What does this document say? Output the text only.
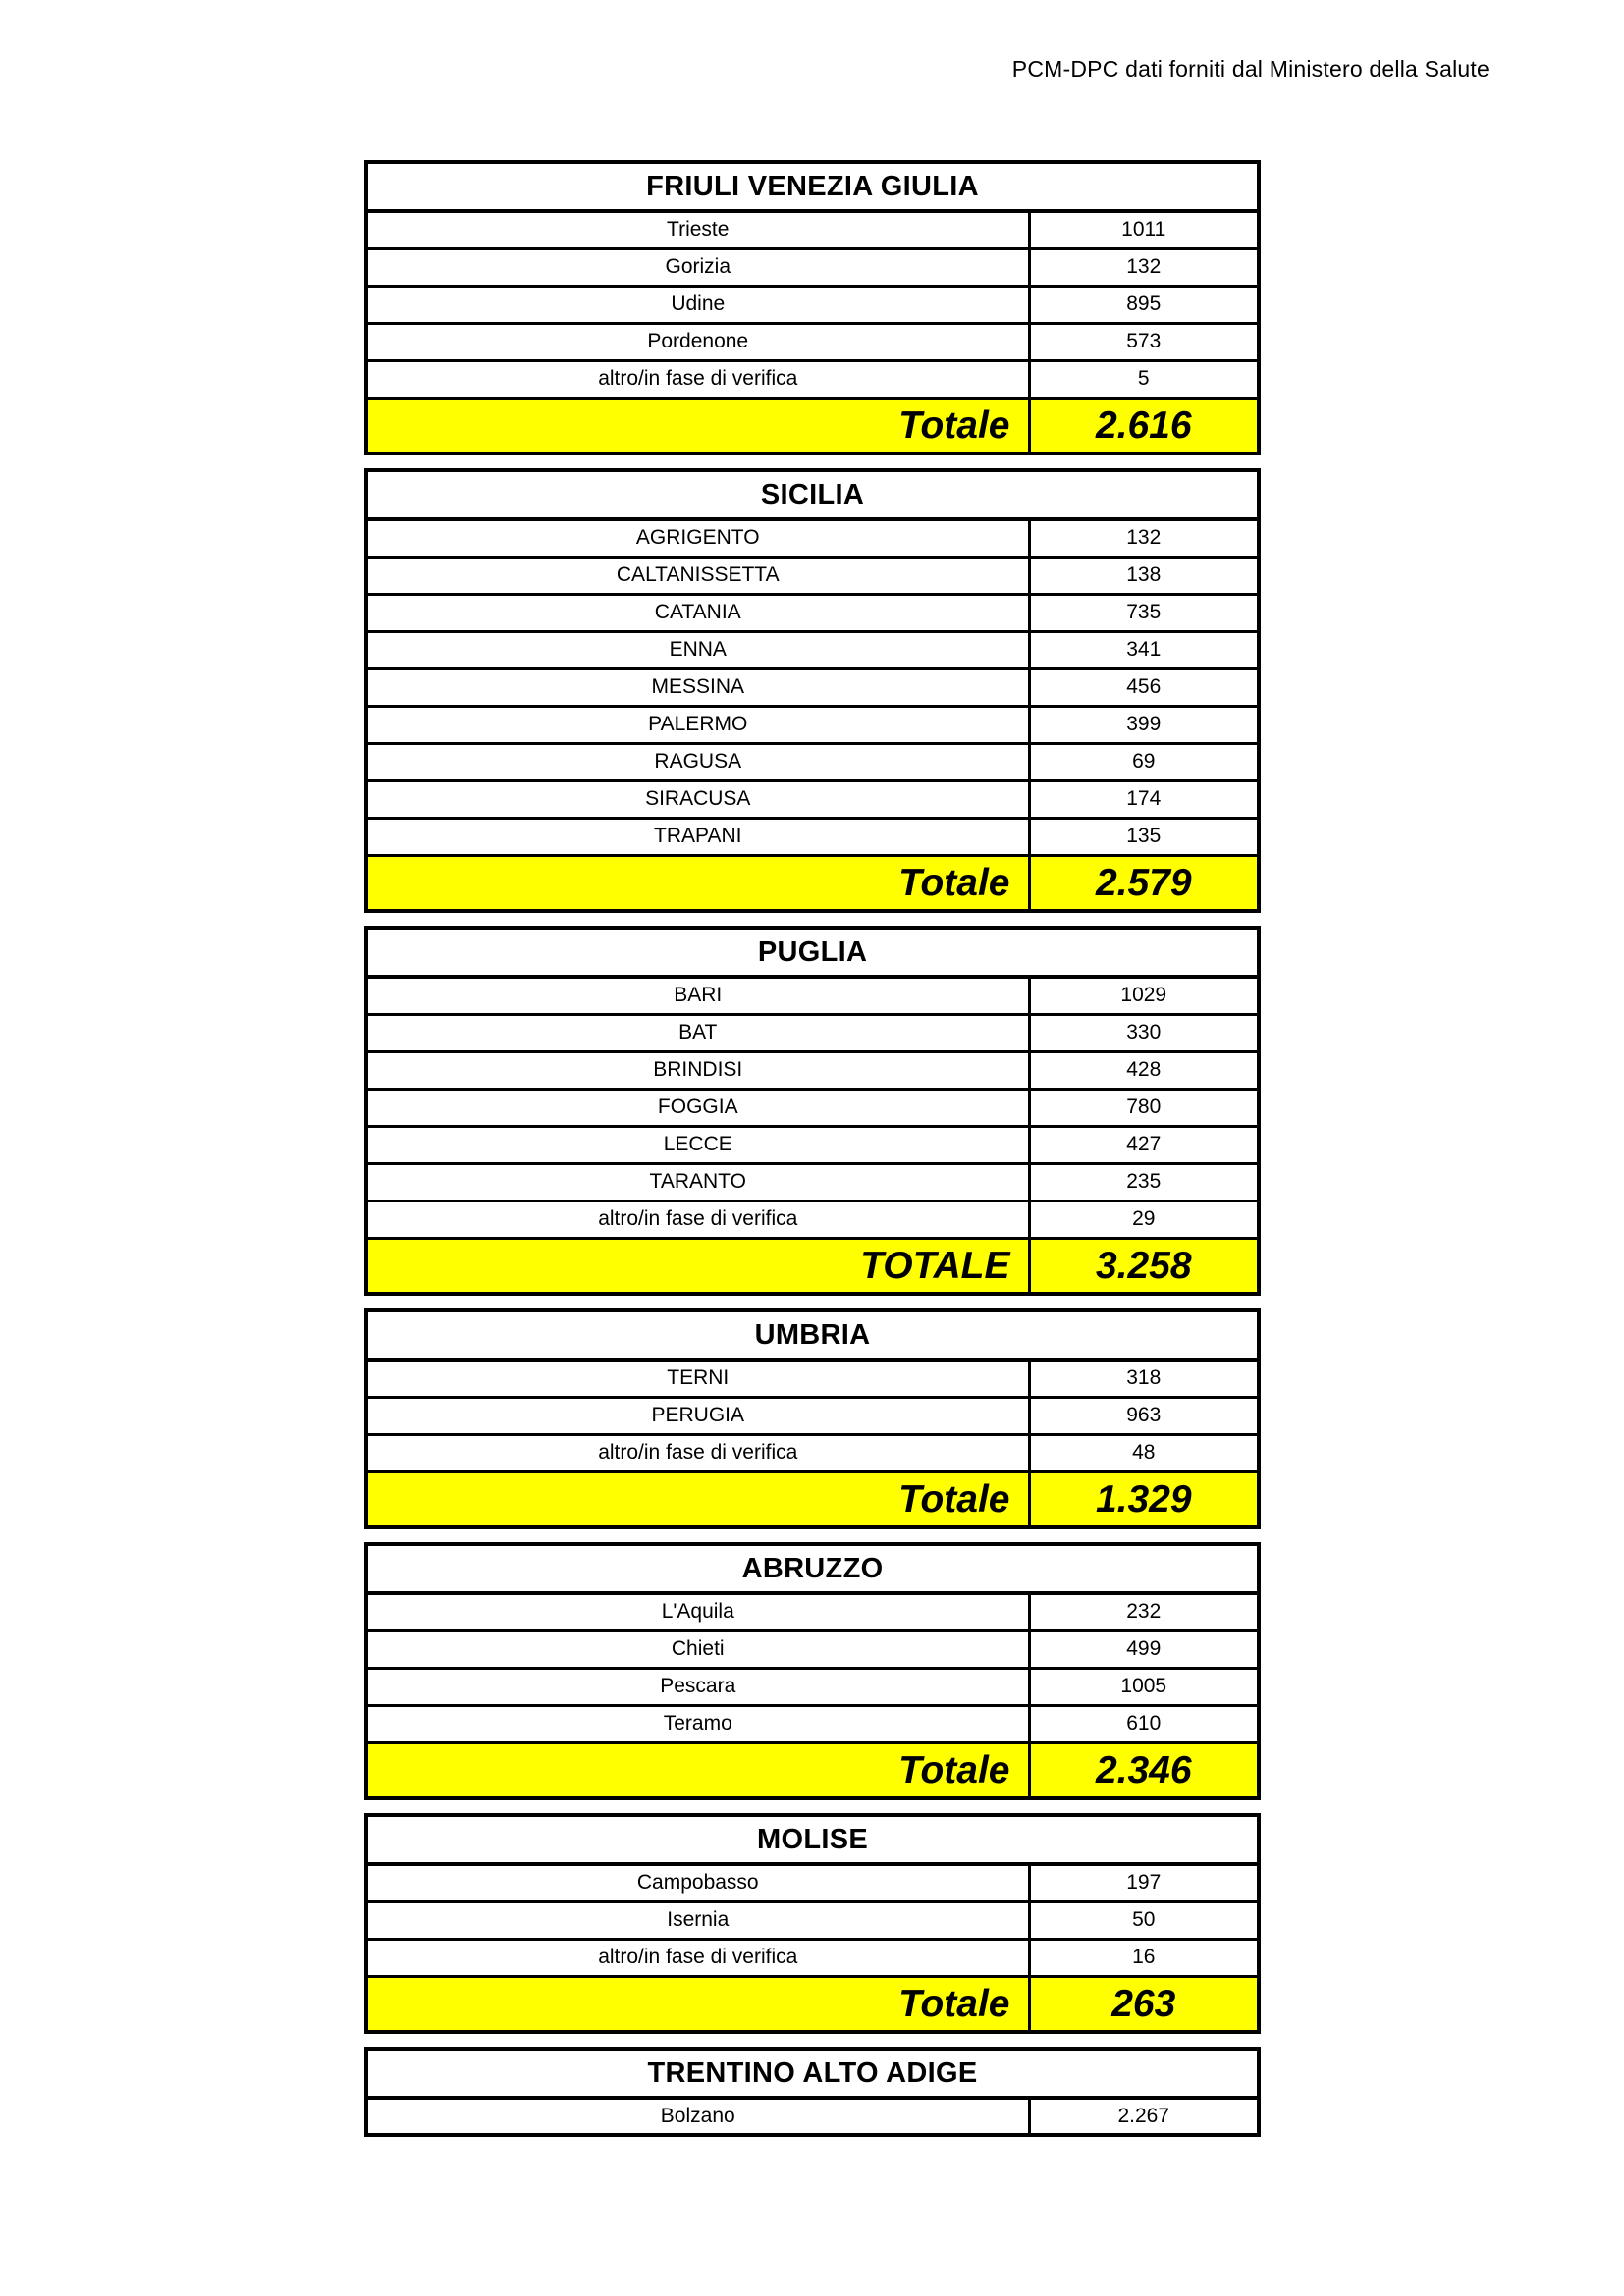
PCM-DPC dati forniti dal Ministero della Salute
FRIULI VENEZIA GIULIA	
Trieste	1011
Gorizia	132
Udine	895
Pordenone	573
altro/in fase di verifica	5
Totale	2.616
SICILIA	
AGRIGENTO	132
CALTANISSETTA	138
CATANIA	735
ENNA	341
MESSINA	456
PALERMO	399
RAGUSA	69
SIRACUSA	174
TRAPANI	135
Totale	2.579
PUGLIA	
BARI	1029
BAT	330
BRINDISI	428
FOGGIA	780
LECCE	427
TARANTO	235
altro/in fase di verifica	29
TOTALE	3.258
UMBRIA	
TERNI	318
PERUGIA	963
altro/in fase di verifica	48
Totale	1.329
ABRUZZO	
L'Aquila	232
Chieti	499
Pescara	1005
Teramo	610
Totale	2.346
MOLISE	
Campobasso	197
Isernia	50
altro/in fase di verifica	16
Totale	263
TRENTINO ALTO ADIGE
Bolzano	2.267
